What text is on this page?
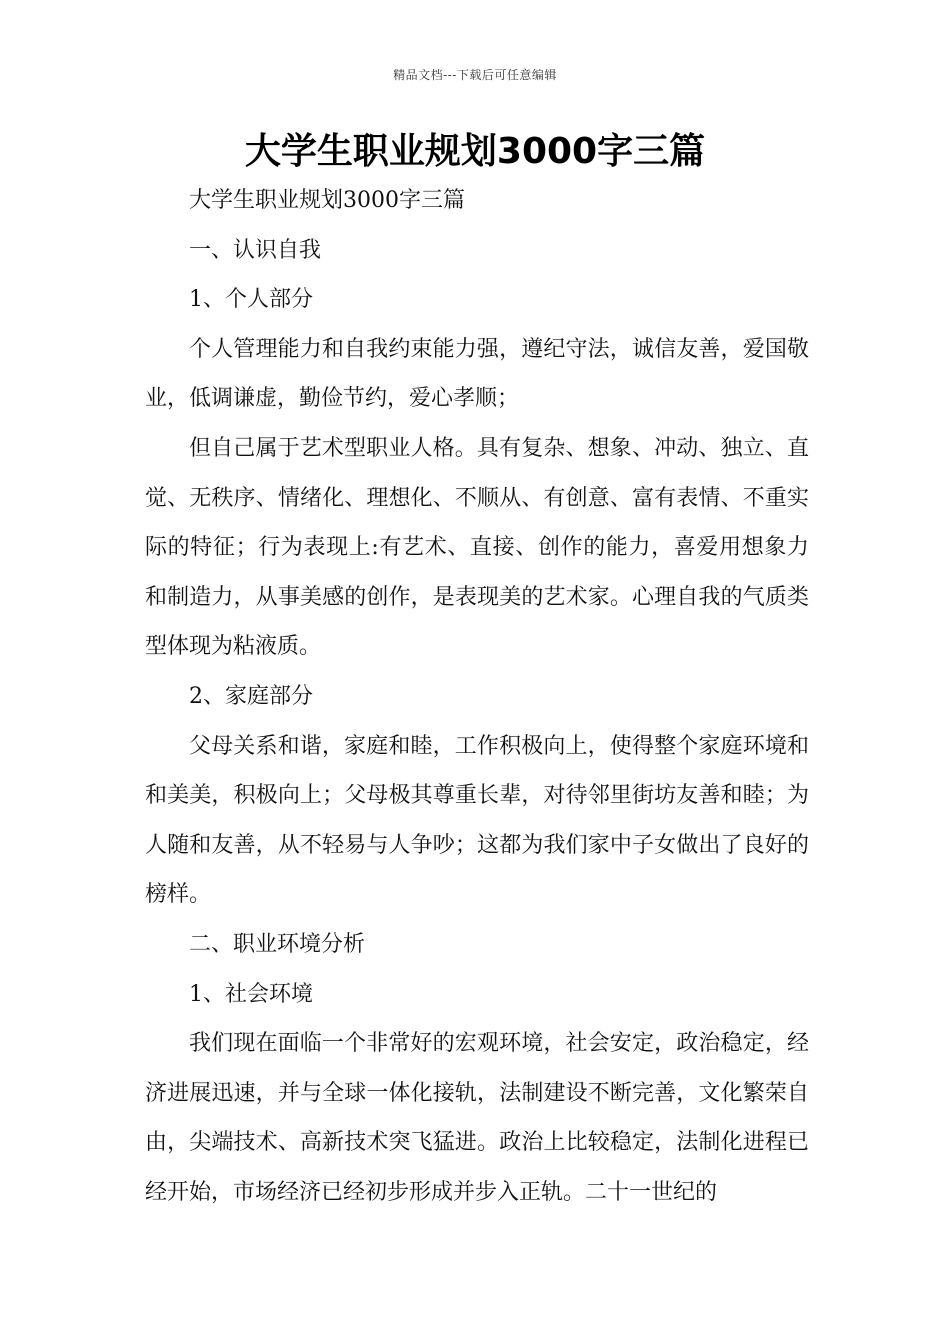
精品文档---下载后可任意编辑
大学生职业规划3000字三篇

大学生职业规划3000字三篇

一、认识自我

1、个人部分

个人管理能力和自我约束能力强，遵纪守法，诚信友善，爱国敬业，低调谦虚，勤俭节约，爱心孝顺；

但自己属于艺术型职业人格。具有复杂、想象、冲动、独立、直觉、无秩序、情绪化、理想化、不顺从、有创意、富有表情、不重实际的特征；行为表现上:有艺术、直接、创作的能力，喜爱用想象力和制造力，从事美感的创作，是表现美的艺术家。心理自我的气质类型体现为粘液质。

2、家庭部分

父母关系和谐，家庭和睦，工作积极向上，使得整个家庭环境和和美美，积极向上；父母极其尊重长辈，对待邻里街坊友善和睦；为人随和友善，从不轻易与人争吵；这都为我们家中子女做出了良好的榜样。

二、职业环境分析

1、社会环境

我们现在面临一个非常好的宏观环境，社会安定，政治稳定，经济进展迅速，并与全球一体化接轨，法制建设不断完善，文化繁荣自由，尖端技术、高新技术突飞猛进。政治上比较稳定，法制化进程已经开始，市场经济已经初步形成并步入正轨。二十一世纪的
